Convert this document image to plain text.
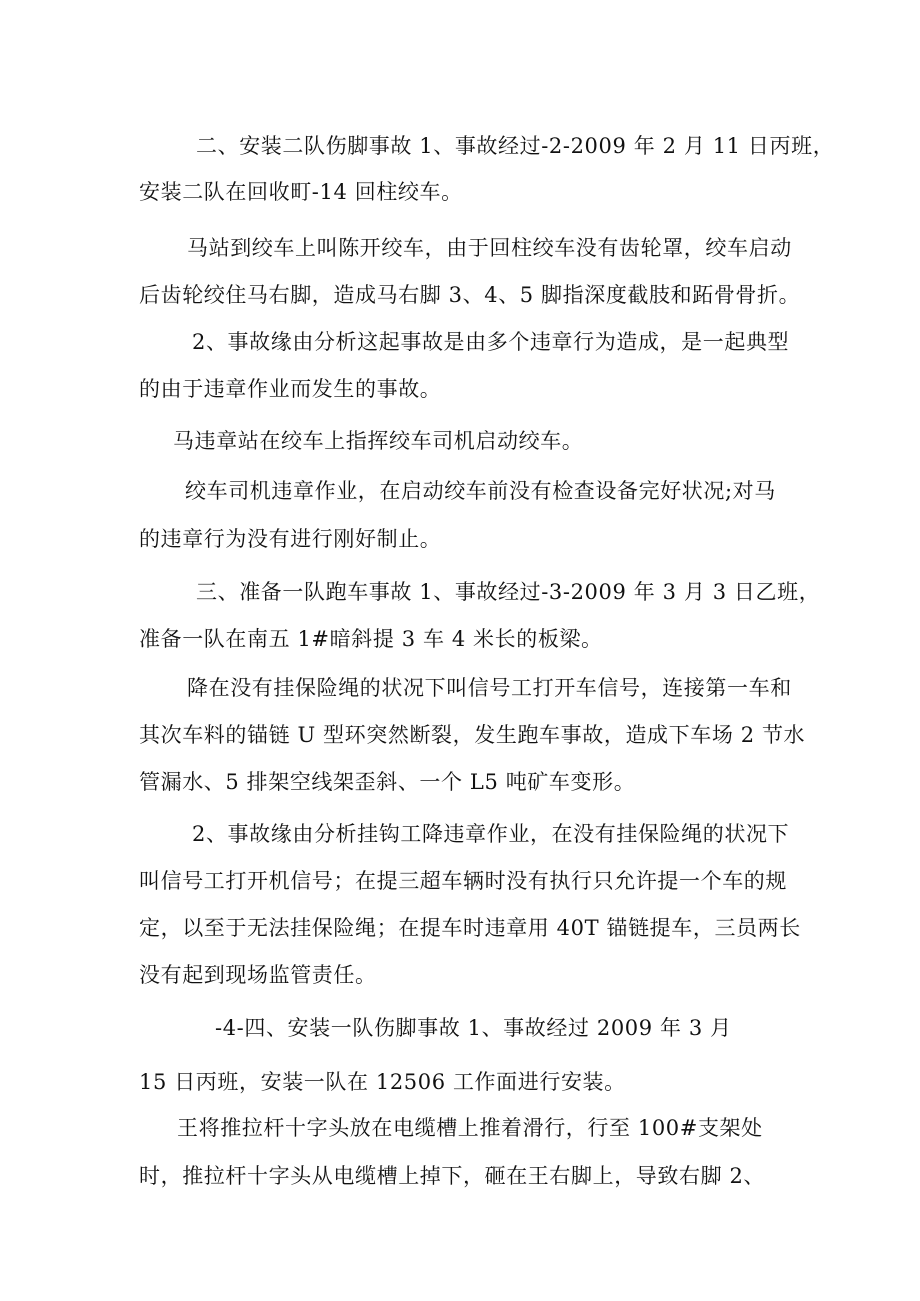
二、安装二队伤脚事故 1、事故经过-2-2009 年 2 月 11 日丙班，

安装二队在回收町-14 回柱绞车。

马站到绞车上叫陈开绞车，由于回柱绞车没有齿轮罩，绞车启动

后齿轮绞住马右脚，造成马右脚 3、4、5 脚指深度截肢和跖骨骨折。

2、事故缘由分析这起事故是由多个违章行为造成，是一起典型

的由于违章作业而发生的事故。

马违章站在绞车上指挥绞车司机启动绞车。

绞车司机违章作业，在启动绞车前没有检查设备完好状况;对马

的违章行为没有进行刚好制止。

三、准备一队跑车事故 1、事故经过-3-2009 年 3 月 3 日乙班，

准备一队在南五 1#暗斜提 3 车 4 米长的板梁。

降在没有挂保险绳的状况下叫信号工打开车信号，连接第一车和

其次车料的锚链 U 型环突然断裂，发生跑车事故，造成下车场 2 节水

管漏水、5 排架空线架歪斜、一个 L5 吨矿车变形。

2、事故缘由分析挂钩工降违章作业，在没有挂保险绳的状况下

叫信号工打开机信号；在提三超车辆时没有执行只允许提一个车的规

定，以至于无法挂保险绳；在提车时违章用 40T 锚链提车，三员两长

没有起到现场监管责任。

-4-四、安装一队伤脚事故 1、事故经过 2009 年 3 月

15 日丙班，安装一队在 12506 工作面进行安装。

王将推拉杆十字头放在电缆槽上推着滑行，行至 100#支架处

时，推拉杆十字头从电缆槽上掉下，砸在王右脚上，导致右脚 2、
